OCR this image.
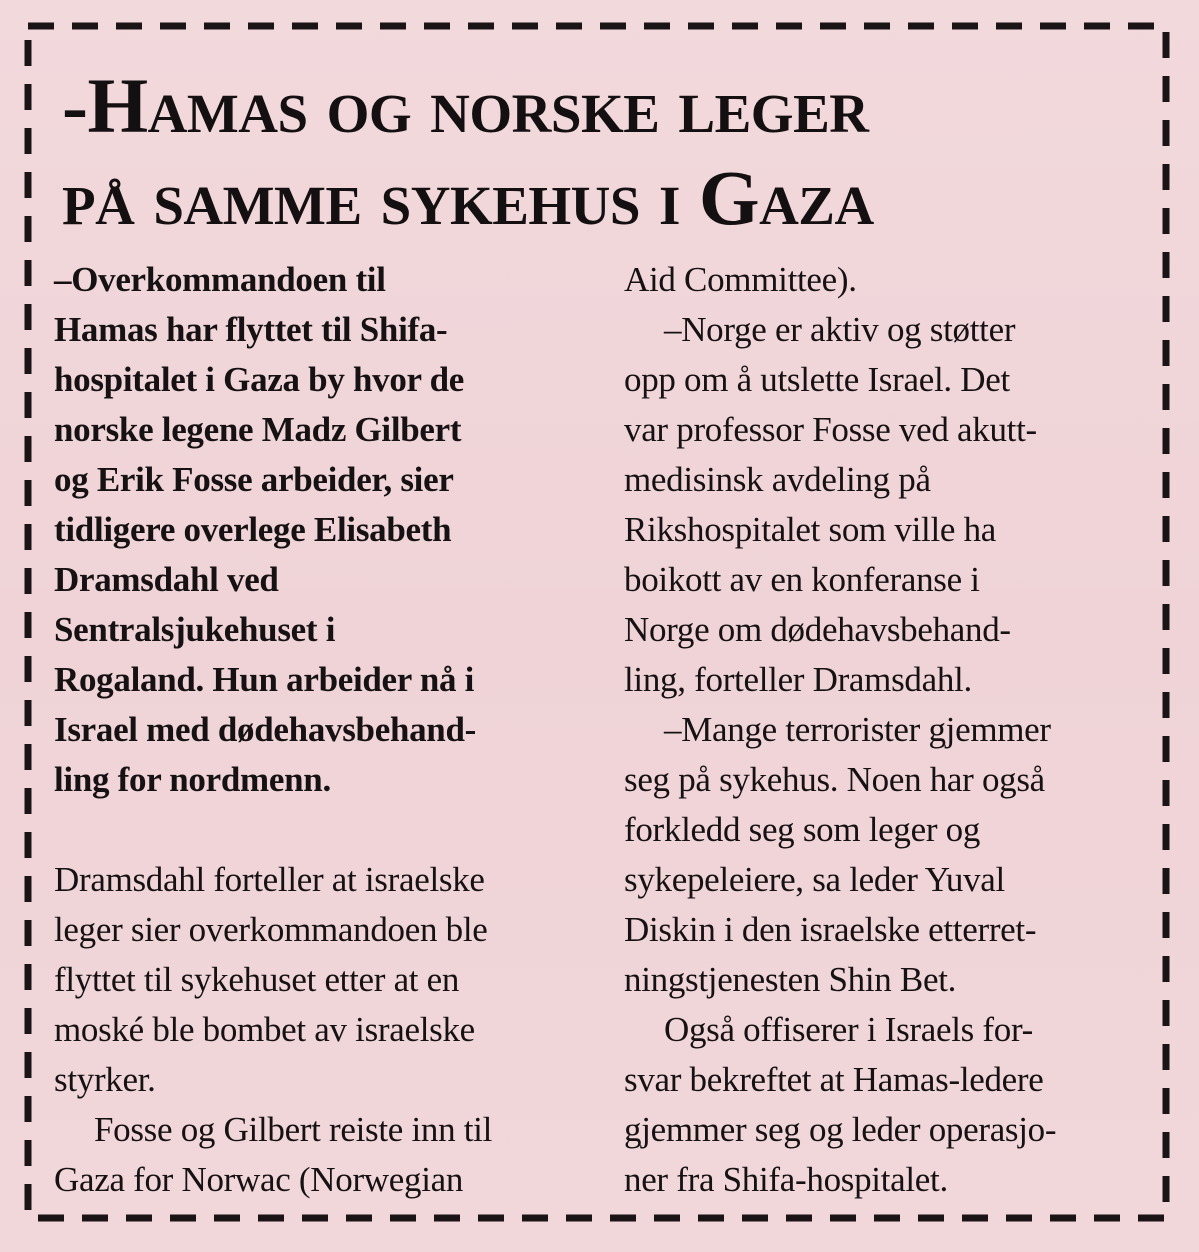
-Hamas og norske leger
på samme sykehus i Gaza
–Overkommandoen til
Hamas har flyttet til Shifa-
hospitalet i Gaza by hvor de
norske legene Madz Gilbert
og Erik Fosse arbeider, sier
tidligere overlege Elisabeth
Dramsdahl ved
Sentralsjukehuset i
Rogaland. Hun arbeider nå i
Israel med dødehavsbehand-
ling for nordmenn.
Dramsdahl forteller at israelske
leger sier overkommandoen ble
flyttet til sykehuset etter at en
moské ble bombet av israelske
styrker.
Fosse og Gilbert reiste inn til
Gaza for Norwac (Norwegian
Aid Committee).
–Norge er aktiv og støtter
opp om å utslette Israel. Det
var professor Fosse ved akutt-
medisinsk avdeling på
Rikshospitalet som ville ha
boikott av en konferanse i
Norge om dødehavsbehand-
ling, forteller Dramsdahl.
–Mange terrorister gjemmer
seg på sykehus. Noen har også
forkledd seg som leger og
sykepeleiere, sa leder Yuval
Diskin i den israelske etterret-
ningstjenesten Shin Bet.
Også offiserer i Israels for-
svar bekreftet at Hamas-ledere
gjemmer seg og leder operasjo-
ner fra Shifa-hospitalet.
